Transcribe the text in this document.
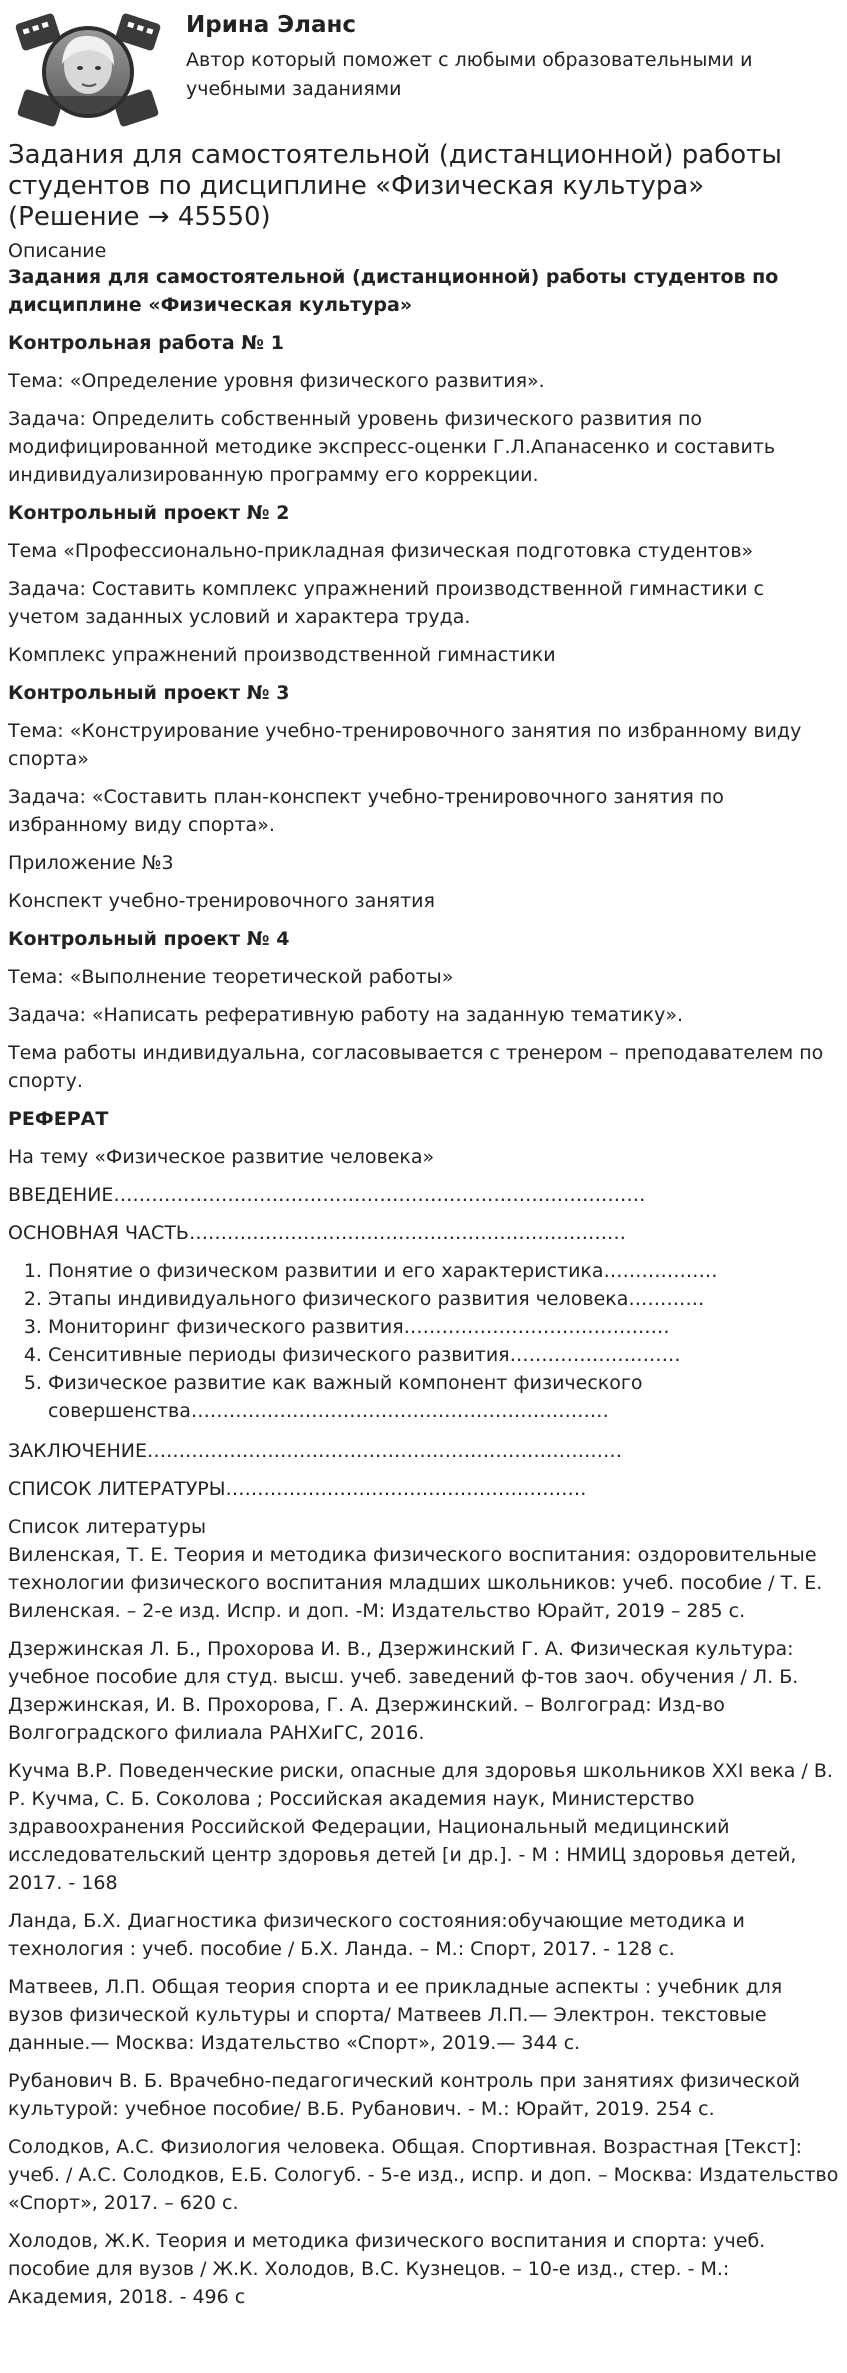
Ирина Эланс
Автор который поможет с любыми образовательными и учебными заданиями
Задания для самостоятельной (дистанционной) работы студентов по дисциплине «Физическая культура» (Решение → 45550)
Описание
Задания для самостоятельной (дистанционной) работы студентов по дисциплине «Физическая культура»
Контрольная работа № 1
Тема: «Определение уровня физического развития».
Задача: Определить собственный уровень физического развития по модифицированной методике экспресс-оценки Г.Л.Апанасенко и составить индивидуализированную программу его коррекции.
Контрольный проект № 2
Тема «Профессионально-прикладная физическая подготовка студентов»
Задача: Составить комплекс упражнений производственной гимнастики с учетом заданных условий и характера труда.
Комплекс упражнений производственной гимнастики
Контрольный проект № 3
Тема: «Конструирование учебно-тренировочного занятия по избранному виду спорта»
Задача: «Составить план-конспект учебно-тренировочного занятия по избранному виду спорта».
Приложение №3
Конспект учебно-тренировочного занятия
Контрольный проект № 4
Тема: «Выполнение теоретической работы»
Задача: «Написать реферативную работу на заданную тематику».
Тема работы индивидуальна, согласовывается с тренером – преподавателем по спорту.
РЕФЕРАТ
На тему «Физическое развитие человека»
ВВЕДЕНИЕ…………………………………………………………………………
ОСНОВНАЯ ЧАСТЬ……………………………………………………………
1. Понятие о физическом развитии и его характеристика………………
2. Этапы индивидуального физического развития человека…………
3. Мониторинг физического развития……………………………………
4. Сенситивные периоды физического развития………………………
5. Физическое развитие как важный компонент физического совершенства…………………………………………………………
ЗАКЛЮЧЕНИЕ…………………………………………………………………
СПИСОК ЛИТЕРАТУРЫ…………………………………………………
Список литературы
Виленская, Т. Е. Теория и методика физического воспитания: оздоровительные технологии физического воспитания младших школьников: учеб. пособие / Т. Е. Виленская. – 2-е изд. Испр. и доп. -М: Издательство Юрайт, 2019 – 285 с.
Дзержинская Л. Б., Прохорова И. В., Дзержинский Г. А. Физическая культура: учебное пособие для студ. высш. учеб. заведений ф-тов заоч. обучения / Л. Б. Дзержинская, И. В. Прохорова, Г. А. Дзержинский. – Волгоград: Изд-во Волгоградского филиала РАНХиГС, 2016.
Кучма В.Р. Поведенческие риски, опасные для здоровья школьников XXI века / В. Р. Кучма, С. Б. Соколова ; Российская академия наук, Министерство здравоохранения Российской Федерации, Национальный медицинский исследовательский центр здоровья детей [и др.]. - М : НМИЦ здоровья детей, 2017. - 168
Ланда, Б.Х. Диагностика физического состояния:обучающие методика и технология : учеб. пособие / Б.Х. Ланда. – М.: Спорт, 2017. - 128 с.
Матвеев, Л.П. Общая теория спорта и ее прикладные аспекты : учебник для вузов физической культуры и спорта/ Матвеев Л.П.— Электрон. текстовые данные.— Москва: Издательство «Спорт», 2019.— 344 с.
Рубанович В. Б. Врачебно-педагогический контроль при занятиях физической культурой: учебное пособие/ В.Б. Рубанович. - М.: Юрайт, 2019. 254 с.
Солодков, А.С. Физиология человека. Общая. Спортивная. Возрастная [Текст]: учеб. / А.С. Солодков, Е.Б. Сологуб. - 5-е изд., испр. и доп. – Москва: Издательство «Спорт», 2017. – 620 с.
Холодов, Ж.К. Теория и методика физического воспитания и спорта: учеб. пособие для вузов / Ж.К. Холодов, В.С. Кузнецов. – 10-е изд., стер. - М.: Академия, 2018. - 496 с
